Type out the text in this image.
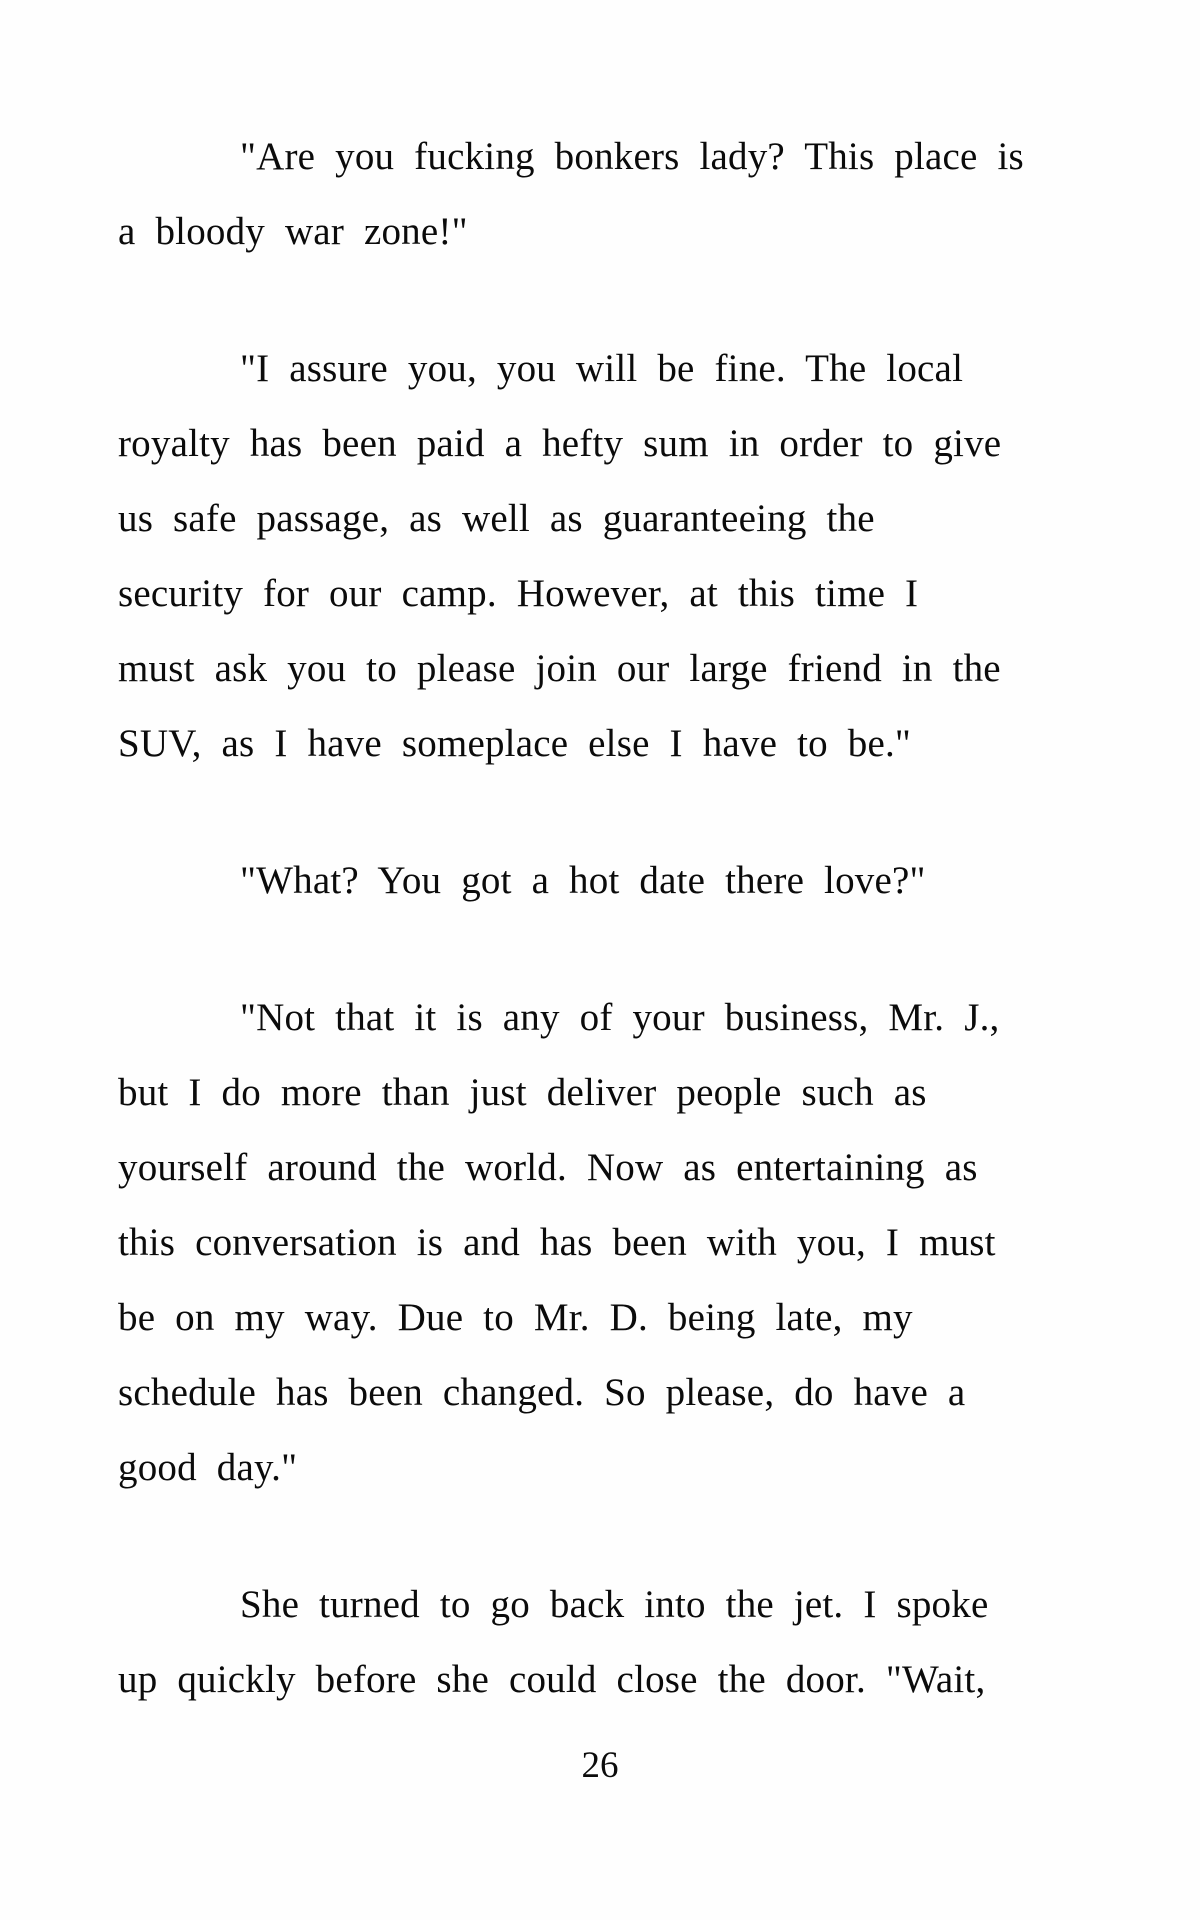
"Are you fucking bonkers lady? This place is
a bloody war zone!"
"I assure you, you will be fine. The local
royalty has been paid a hefty sum in order to give
us safe passage, as well as guaranteeing the
security for our camp. However, at this time I
must ask you to please join our large friend in the
SUV, as I have someplace else I have to be."
"What? You got a hot date there love?"
"Not that it is any of your business, Mr. J.,
but I do more than just deliver people such as
yourself around the world. Now as entertaining as
this conversation is and has been with you, I must
be on my way. Due to Mr. D. being late, my
schedule has been changed. So please, do have a
good day."
She turned to go back into the jet. I spoke
up quickly before she could close the door. "Wait,
26
